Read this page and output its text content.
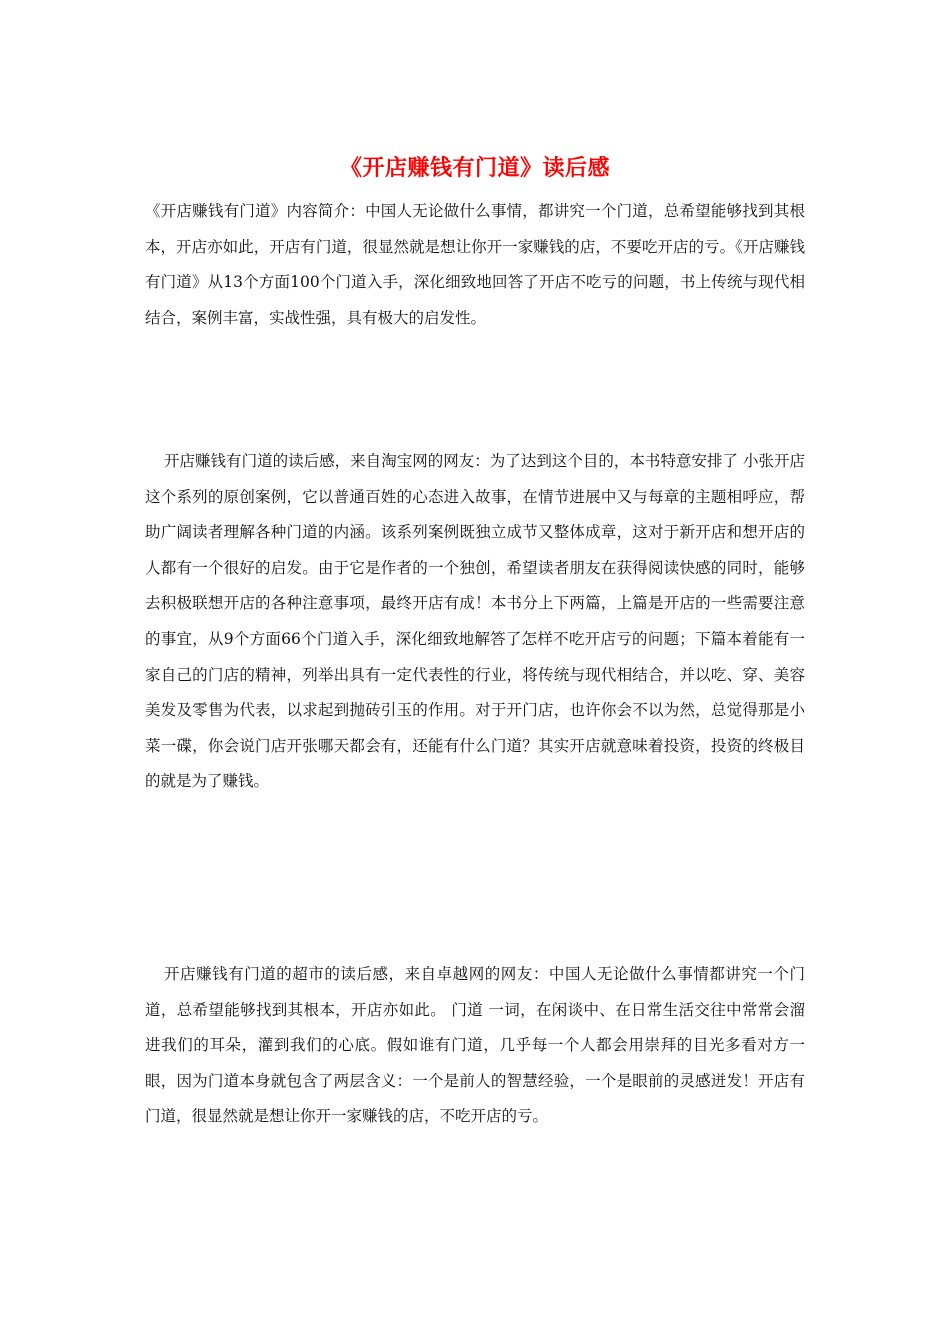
《开店赚钱有门道》读后感

《开店赚钱有门道》内容简介：中国人无论做什么事情，都讲究一个门道，总希望能够找到其根本，开店亦如此，开店有门道，很显然就是想让你开一家赚钱的店，不要吃开店的亏。《开店赚钱有门道》从13个方面100个门道入手，深化细致地回答了开店不吃亏的问题，书上传统与现代相结合，案例丰富，实战性强，具有极大的启发性。

开店赚钱有门道的读后感，来自淘宝网的网友：为了达到这个目的，本书特意安排了 小张开店 这个系列的原创案例，它以普通百姓的心态进入故事，在情节进展中又与每章的主题相呼应，帮助广阔读者理解各种门道的内涵。该系列案例既独立成节又整体成章，这对于新开店和想开店的人都有一个很好的启发。由于它是作者的一个独创，希望读者朋友在获得阅读快感的同时，能够去积极联想开店的各种注意事项，最终开店有成！本书分上下两篇，上篇是开店的一些需要注意的事宜，从9个方面66个门道入手，深化细致地解答了怎样不吃开店亏的问题；下篇本着能有一家自己的门店的精神，列举出具有一定代表性的行业，将传统与现代相结合，并以吃、穿、美容美发及零售为代表，以求起到抛砖引玉的作用。对于开门店，也许你会不以为然，总觉得那是小菜一碟，你会说门店开张哪天都会有，还能有什么门道？其实开店就意味着投资，投资的终极目的就是为了赚钱。

开店赚钱有门道的超市的读后感，来自卓越网的网友：中国人无论做什么事情都讲究一个门道，总希望能够找到其根本，开店亦如此。 门道 一词，在闲谈中、在日常生活交往中常常会溜进我们的耳朵，灌到我们的心底。假如谁有门道，几乎每一个人都会用崇拜的目光多看对方一眼，因为门道本身就包含了两层含义：一个是前人的智慧经验，一个是眼前的灵感迸发！开店有门道，很显然就是想让你开一家赚钱的店，不吃开店的亏。
